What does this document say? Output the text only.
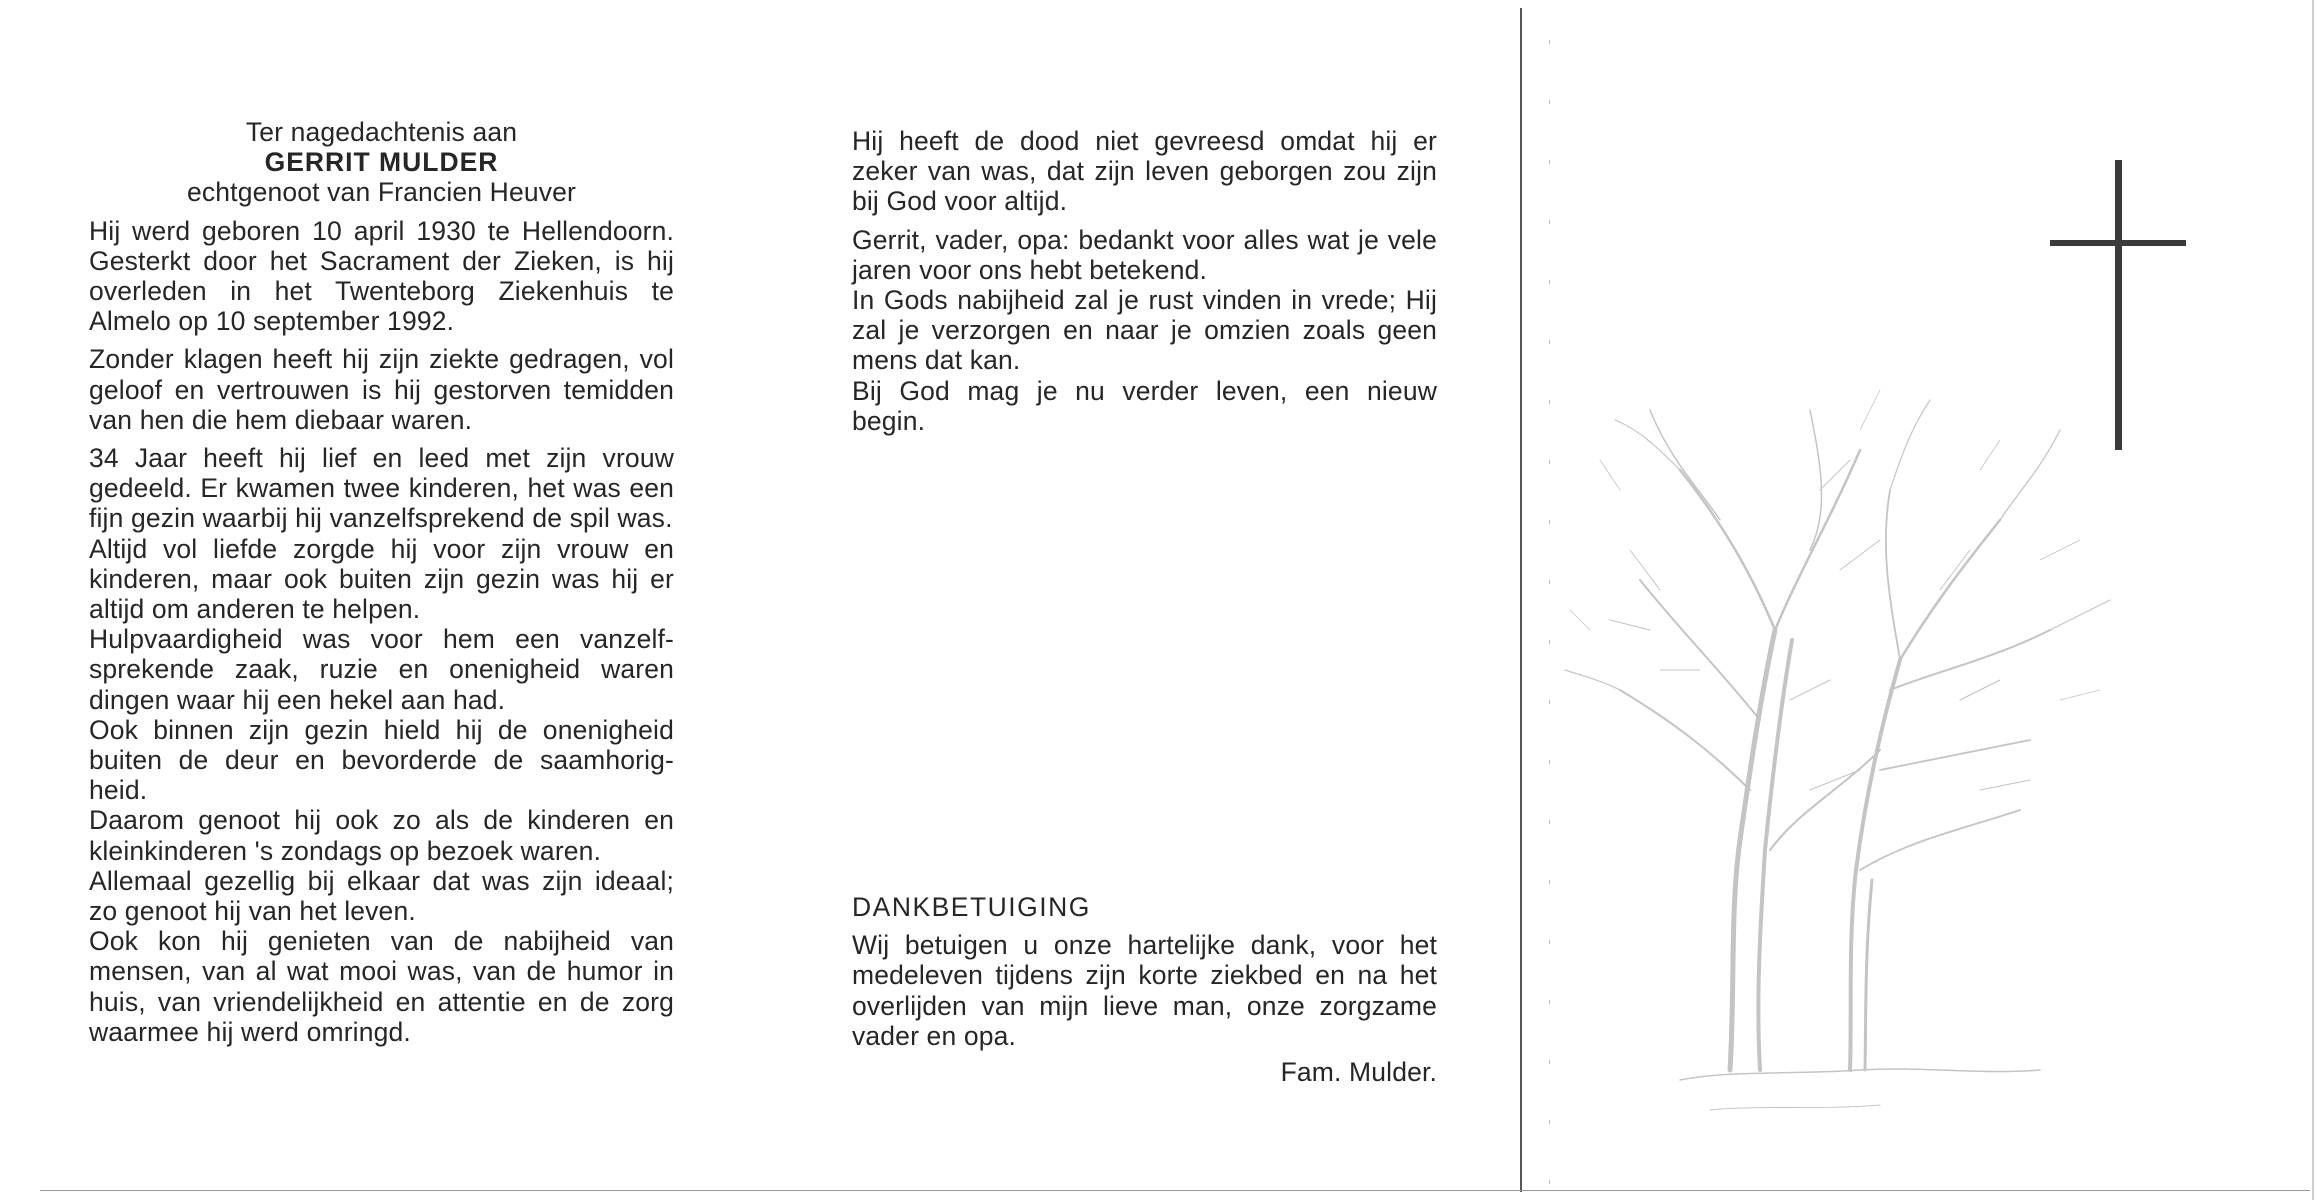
Ter nagedachtenis aan

GERRIT MULDER

echtgenoot van Francien Heuver

Hij werd geboren 10 april 1930 te Hellendoorn. Gesterkt door het Sacrament der Zieken, is hij overleden in het Twenteborg Ziekenhuis te Almelo op 10 september 1992.

Zonder klagen heeft hij zijn ziekte gedragen, vol geloof en vertrouwen is hij gestorven temidden van hen die hem diebaar waren.

34 Jaar heeft hij lief en leed met zijn vrouw gedeeld. Er kwamen twee kinderen, het was een fijn gezin waarbij hij vanzelfsprekend de spil was.

Altijd vol liefde zorgde hij voor zijn vrouw en kinderen, maar ook buiten zijn gezin was hij er altijd om anderen te helpen.

Hulpvaardigheid was voor hem een vanzelf-sprekende zaak, ruzie en onenigheid waren dingen waar hij een hekel aan had.

Ook binnen zijn gezin hield hij de onenigheid buiten de deur en bevorderde de saamhorig-heid.

Daarom genoot hij ook zo als de kinderen en kleinkinderen 's zondags op bezoek waren.

Allemaal gezellig bij elkaar dat was zijn ideaal; zo genoot hij van het leven.

Ook kon hij genieten van de nabijheid van mensen, van al wat mooi was, van de humor in huis, van vriendelijkheid en attentie en de zorg waarmee hij werd omringd.

Hij heeft de dood niet gevreesd omdat hij er zeker van was, dat zijn leven geborgen zou zijn bij God voor altijd.

Gerrit, vader, opa: bedankt voor alles wat je vele jaren voor ons hebt betekend.

In Gods nabijheid zal je rust vinden in vrede; Hij zal je verzorgen en naar je omzien zoals geen mens dat kan.

Bij God mag je nu verder leven, een nieuw begin.

DANKBETUIGING

Wij betuigen u onze hartelijke dank, voor het medeleven tijdens zijn korte ziekbed en na het overlijden van mijn lieve man, onze zorgzame vader en opa.

Fam. Mulder.
